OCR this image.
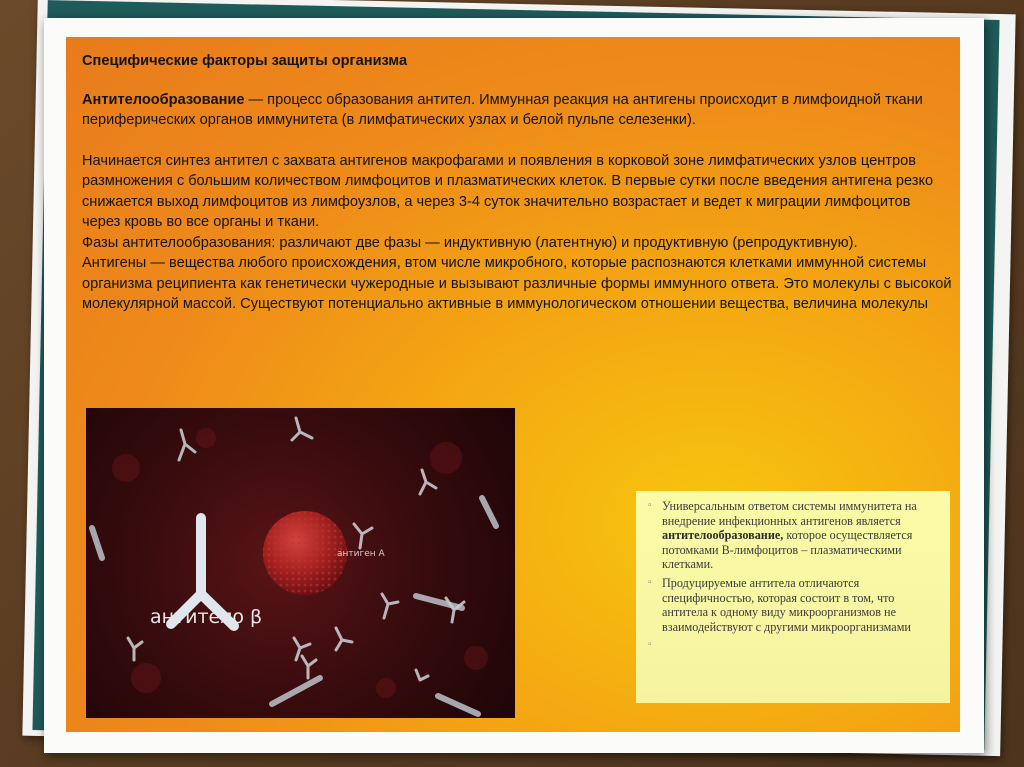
Специфические факторы защиты организма

Антителообразование — процесс образования антител. Иммунная реакция на антигены происходит в лимфоидной ткани периферических органов иммунитета (в лимфатических узлах и белой пульпе селезенки).

Начинается синтез антител с захвата антигенов макрофагами и появления в корковой зоне лимфатических узлов центров размножения с большим количеством лимфоцитов и плазматических клеток. В первые сутки после введения антигена резко снижается выход лимфоцитов из лимфоузлов, а через 3-4 суток значительно возрастает и ведет к миграции лимфоцитов через кровь во все органы и ткани.

Фазы антителообразования: различают две фазы — индуктивную (латентную) и продуктивную (репродуктивную).

Антигены — вещества любого происхождения, втом числе микробного, которые распознаются клетками иммунной системы организма реципиента как генетически чужеродные и вызывают различные формы иммунного ответа. Это молекулы с высокой молекулярной массой. Существуют потенциально активные в иммунологическом отношении вещества, величина молекулы

антитело β
антиген А
▫ Универсальным ответом системы иммунитета на внедрение инфекционных антигенов является антителообразование, которое осуществляется потомками В-лимфоцитов – плазматическими клетками.
▫ Продуцируемые антитела отличаются специфичностью, которая состоит в том, что антитела к одному виду микроорганизмов не взаимодействуют с другими микроорганизмами
▫
